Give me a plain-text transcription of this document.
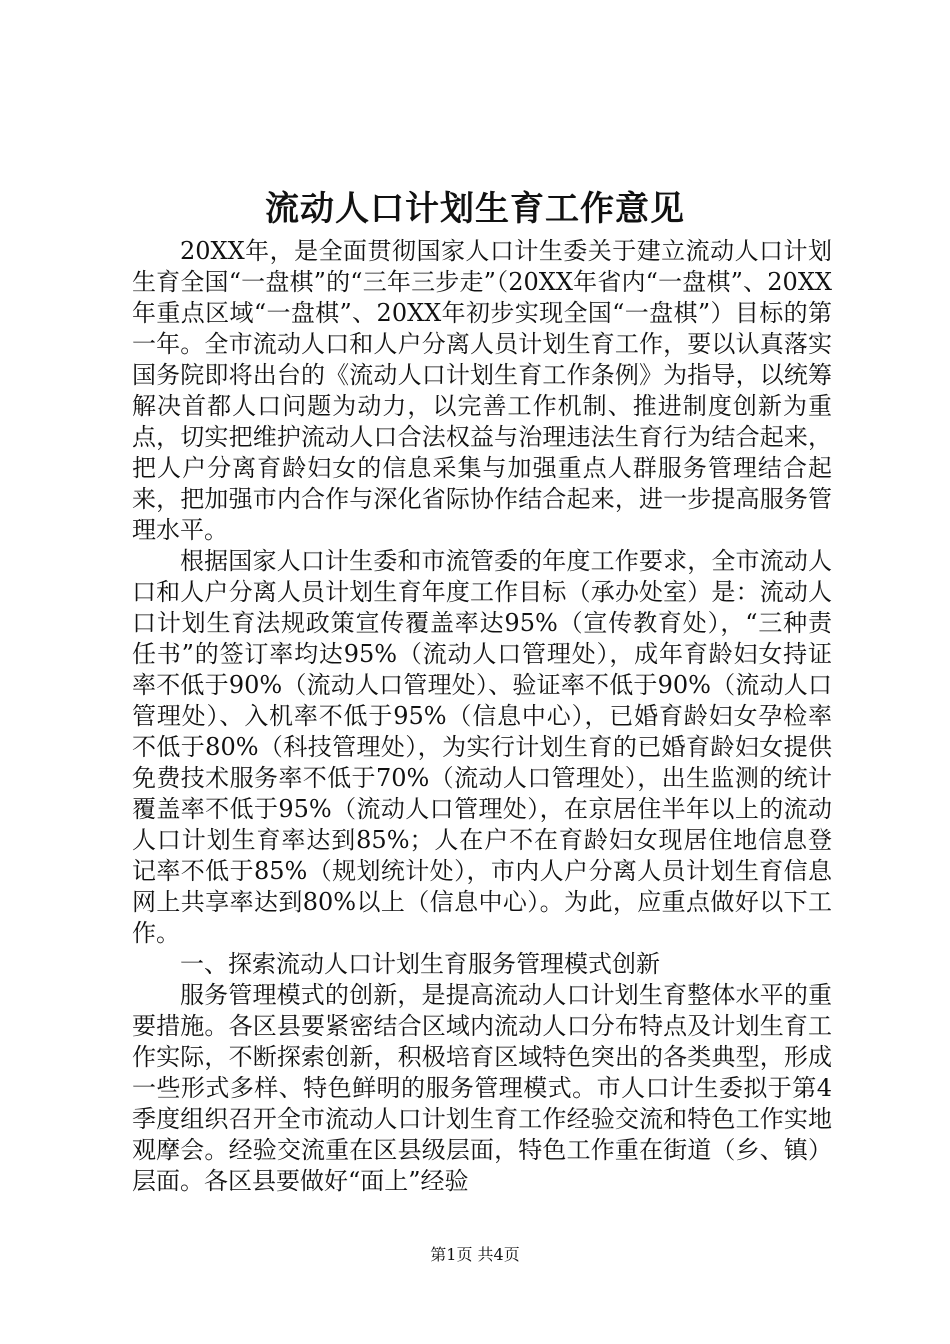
流动人口计划生育工作意见

20XX年，是全面贯彻国家人口计生委关于建立流动人口计划生育全国“一盘棋”的“三年三步走”（20XX年省内“一盘棋”、20XX年重点区域“一盘棋”、20XX年初步实现全国“一盘棋”）目标的第一年。全市流动人口和人户分离人员计划生育工作，要以认真落实国务院即将出台的《流动人口计划生育工作条例》为指导，以统筹解决首都人口问题为动力，以完善工作机制、推进制度创新为重点，切实把维护流动人口合法权益与治理违法生育行为结合起来，把人户分离育龄妇女的信息采集与加强重点人群服务管理结合起来，把加强市内合作与深化省际协作结合起来，进一步提高服务管理水平。

根据国家人口计生委和市流管委的年度工作要求，全市流动人口和人户分离人员计划生育年度工作目标（承办处室）是：流动人口计划生育法规政策宣传覆盖率达95%（宣传教育处），“三种责任书”的签订率均达95%（流动人口管理处），成年育龄妇女持证率不低于90%（流动人口管理处）、验证率不低于90%（流动人口管理处）、入机率不低于95%（信息中心），已婚育龄妇女孕检率不低于80%（科技管理处），为实行计划生育的已婚育龄妇女提供免费技术服务率不低于70%（流动人口管理处），出生监测的统计覆盖率不低于95%（流动人口管理处），在京居住半年以上的流动人口计划生育率达到85%；人在户不在育龄妇女现居住地信息登记率不低于85%（规划统计处），市内人户分离人员计划生育信息网上共享率达到80%以上（信息中心）。为此，应重点做好以下工作。

一、探索流动人口计划生育服务管理模式创新

服务管理模式的创新，是提高流动人口计划生育整体水平的重要措施。各区县要紧密结合区域内流动人口分布特点及计划生育工作实际，不断探索创新，积极培育区域特色突出的各类典型，形成一些形式多样、特色鲜明的服务管理模式。市人口计生委拟于第4季度组织召开全市流动人口计划生育工作经验交流和特色工作实地观摩会。经验交流重在区县级层面，特色工作重在街道（乡、镇）层面。各区县要做好“面上”经验

第1页 共4页
